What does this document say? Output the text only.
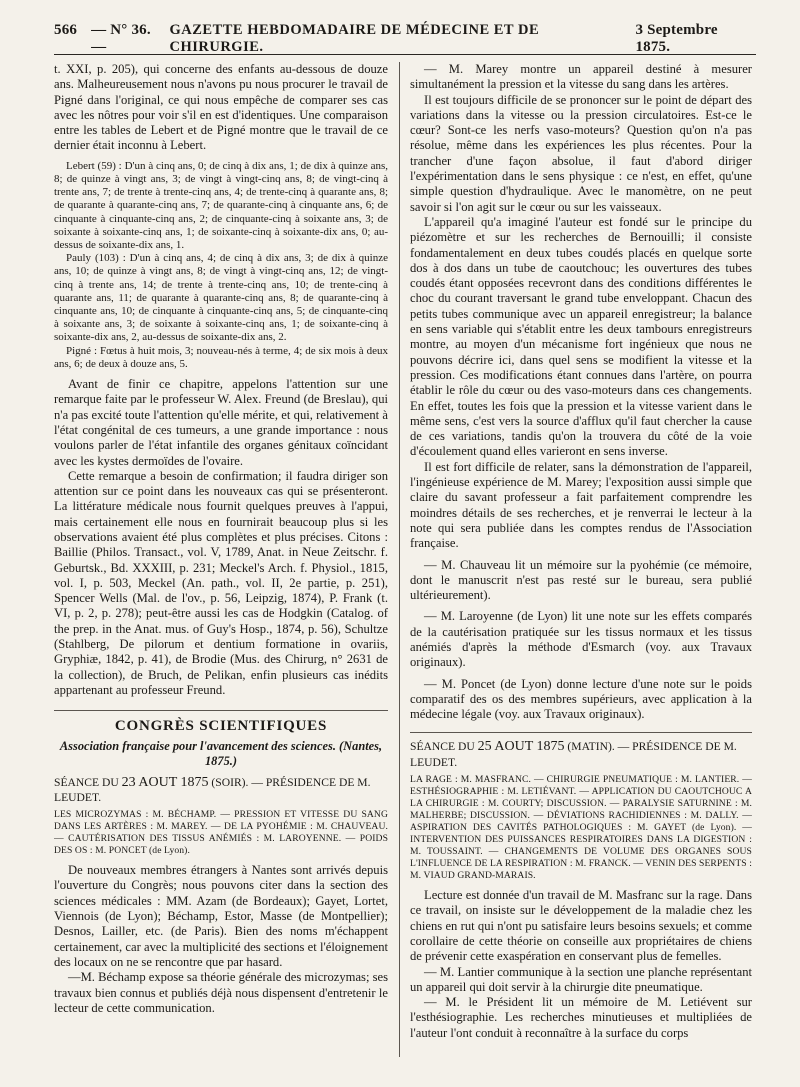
566 — N° 36. —
GAZETTE HEBDOMADAIRE DE MÉDECINE ET DE CHIRURGIE.
3 Septembre 1875.

t. XXI, p. 205), qui concerne des enfants au-dessous de douze ans. Malheureusement nous n'avons pu nous procurer le travail de Pigné dans l'original, ce qui nous empêche de comparer ses cas avec les nôtres pour voir s'il en est d'identiques. Une comparaison entre les tables de Lebert et de Pigné montre que le travail de ce dernier était inconnu à Lebert.

Lebert (59) : D'un à cinq ans, 0; de cinq à dix ans, 1; de dix à quinze ans, 8; de quinze à vingt ans, 3; de vingt à vingt-cinq ans, 8; de vingt-cinq à trente ans, 7; de trente à trente-cinq ans, 4; de trente-cinq à quarante ans, 8; de quarante à quarante-cinq ans, 7; de quarante-cinq à cinquante ans, 6; de cinquante à cinquante-cinq ans, 2; de cinquante-cinq à soixante ans, 3; de soixante à soixante-cinq ans, 1; de soixante-cinq à soixante-dix ans, 0; au-dessus de soixante-dix ans, 1.

Pauly (103) : D'un à cinq ans, 4; de cinq à dix ans, 3; de dix à quinze ans, 10; de quinze à vingt ans, 8; de vingt à vingt-cinq ans, 12; de vingt-cinq à trente ans, 14; de trente à trente-cinq ans, 10; de trente-cinq à quarante ans, 11; de quarante à quarante-cinq ans, 8; de quarante-cinq à cinquante ans, 10; de cinquante à cinquante-cinq ans, 5; de cinquante-cinq à soixante ans, 3; de soixante à soixante-cinq ans, 1; de soixante-cinq à soixante-dix ans, 2, au-dessus de soixante-dix ans, 2.

Pigné : Fœtus à huit mois, 3; nouveau-nés à terme, 4; de six mois à deux ans, 6; de deux à douze ans, 5.

Avant de finir ce chapitre, appelons l'attention sur une remarque faite par le professeur W. Alex. Freund (de Breslau), qui n'a pas excité toute l'attention qu'elle mérite, et qui, relativement à l'état congénital de ces tumeurs, a une grande importance : nous voulons parler de l'état infantile des organes génitaux coïncidant avec les kystes dermoïdes de l'ovaire.

Cette remarque a besoin de confirmation; il faudra diriger son attention sur ce point dans les nouveaux cas qui se présenteront. La littérature médicale nous fournit quelques preuves à l'appui, mais certainement elle nous en fournirait beaucoup plus si les observations avaient été plus complètes et plus précises. Citons : Baillie (Philos. Transact., vol. V, 1789, Anat. in Neue Zeitschr. f. Geburtsk., Bd. XXXIII, p. 231; Meckel's Arch. f. Physiol., 1815, vol. I, p. 503, Meckel (An. path., vol. II, 2e partie, p. 251), Spencer Wells (Mal. de l'ov., p. 56, Leipzig, 1874), P. Frank (t. VI, p. 2, p. 278); peut-être aussi les cas de Hodgkin (Catalog. of the prep. in the Anat. mus. of Guy's Hosp., 1874, p. 56), Schultze (Stahlberg, De pilorum et dentium formatione in ovariis, Gryphiæ, 1842, p. 41), de Brodie (Mus. des Chirurg, n° 2631 de la collection), de Bruch, de Pelikan, enfin plusieurs cas inédits appartenant au professeur Freund.

CONGRÈS SCIENTIFIQUES
Association française pour l'avancement des sciences. (Nantes, 1875.)

SÉANCE DU 23 AOUT 1875 (SOIR). — PRÉSIDENCE DE M. LEUDET.

LES MICROZYMAS : M. BÉCHAMP. — PRESSION ET VITESSE DU SANG DANS LES ARTÈRES : M. MAREY. — DE LA PYOHÉMIE : M. CHAUVEAU. — CAUTÉRISATION DES TISSUS ANÉMIÉS : M. LAROYENNE. — POIDS DES OS : M. PONCET (de Lyon).

De nouveaux membres étrangers à Nantes sont arrivés depuis l'ouverture du Congrès; nous pouvons citer dans la section des sciences médicales : MM. Azam (de Bordeaux); Gayet, Lortet, Viennois (de Lyon); Béchamp, Estor, Masse (de Montpellier); Desnos, Lailler, etc. (de Paris). Bien des noms m'échappent certainement, car avec la multiplicité des sections et l'éloignement des locaux on ne se rencontre que par hasard.

—M. Béchamp expose sa théorie générale des microzymas; ses travaux bien connus et publiés déjà nous dispensent d'entretenir le lecteur de cette communication.

— M. Marey montre un appareil destiné à mesurer simultanément la pression et la vitesse du sang dans les artères.

Il est toujours difficile de se prononcer sur le point de départ des variations dans la vitesse ou la pression circulatoires. Est-ce le cœur? Sont-ce les nerfs vaso-moteurs? Question qu'on n'a pas résolue, même dans les expériences les plus récentes. Pour la trancher d'une façon absolue, il faut d'abord diriger l'expérimentation dans le sens physique : ce n'est, en effet, qu'une simple question d'hydraulique. Avec le manomètre, on ne peut savoir si l'on agit sur le cœur ou sur les vaisseaux.

L'appareil qu'a imaginé l'auteur est fondé sur le principe du piézomètre et sur les recherches de Bernouilli; il consiste fondamentalement en deux tubes coudés placés en quelque sorte dos à dos dans un tube de caoutchouc; les ouvertures des tubes coudés étant opposées recevront dans des conditions différentes le choc du courant traversant le grand tube enveloppant. Chacun des petits tubes communique avec un appareil enregistreur; la balance en sens variable qui s'établit entre les deux tambours enregistreurs montre, au moyen d'un mécanisme fort ingénieux que nous ne pouvons décrire ici, dans quel sens se modifient la vitesse et la pression. Ces modifications étant connues dans l'artère, on pourra établir le rôle du cœur ou des vaso-moteurs dans ces changements. En effet, toutes les fois que la pression et la vitesse varient dans le même sens, c'est vers la source d'afflux qu'il faut chercher la cause de ces variations, tandis qu'on la trouvera du côté de la voie d'écoulement quand elles varieront en sens inverse.

Il est fort difficile de relater, sans la démonstration de l'appareil, l'ingénieuse expérience de M. Marey; l'exposition aussi simple que claire du savant professeur a fait parfaitement comprendre les moindres détails de ses recherches, et je renverrai le lecteur à la note qui sera publiée dans les comptes rendus de l'Association française.

— M. Chauveau lit un mémoire sur la pyohémie (ce mémoire, dont le manuscrit n'est pas resté sur le bureau, sera publié ultérieurement).

— M. Laroyenne (de Lyon) lit une note sur les effets comparés de la cautérisation pratiquée sur les tissus normaux et les tissus anémiés d'après la méthode d'Esmarch (voy. aux Travaux originaux).

— M. Poncet (de Lyon) donne lecture d'une note sur le poids comparatif des os des membres supérieurs, avec application à la médecine légale (voy. aux Travaux originaux).

SÉANCE DU 25 AOUT 1875 (MATIN). — PRÉSIDENCE DE M. LEUDET.

LA RAGE : M. MASFRANC. — CHIRURGIE PNEUMATIQUE : M. LANTIER. — ESTHÉSIOGRAPHIE : M. LETIÉVANT. — APPLICATION DU CAOUTCHOUC A LA CHIRURGIE : M. COURTY; DISCUSSION. — PARALYSIE SATURNINE : M. MALHERBE; DISCUSSION. — DÉVIATIONS RACHIDIENNES : M. DALLY. — ASPIRATION DES CAVITÉS PATHOLOGIQUES : M. GAYET (de Lyon). — INTERVENTION DES PUISSANCES RESPIRATOIRES DANS LA DIGESTION : M. TOUSSAINT. — CHANGEMENTS DE VOLUME DES ORGANES SOUS L'INFLUENCE DE LA RESPIRATION : M. FRANCK. — VENIN DES SERPENTS : M. VIAUD GRAND-MARAIS.

Lecture est donnée d'un travail de M. Masfranc sur la rage. Dans ce travail, on insiste sur le développement de la maladie chez les chiens en rut qui n'ont pu satisfaire leurs besoins sexuels; et comme corollaire de cette théorie on conseille aux propriétaires de chiens de prévenir cette exaspération en conservant plus de femelles.

— M. Lantier communique à la section une planche représentant un appareil qui doit servir à la chirurgie dite pneumatique.

— M. le Président lit un mémoire de M. Letiévent sur l'esthésiographie. Les recherches minutieuses et multipliées de l'auteur l'ont conduit à reconnaître à la surface du corps
